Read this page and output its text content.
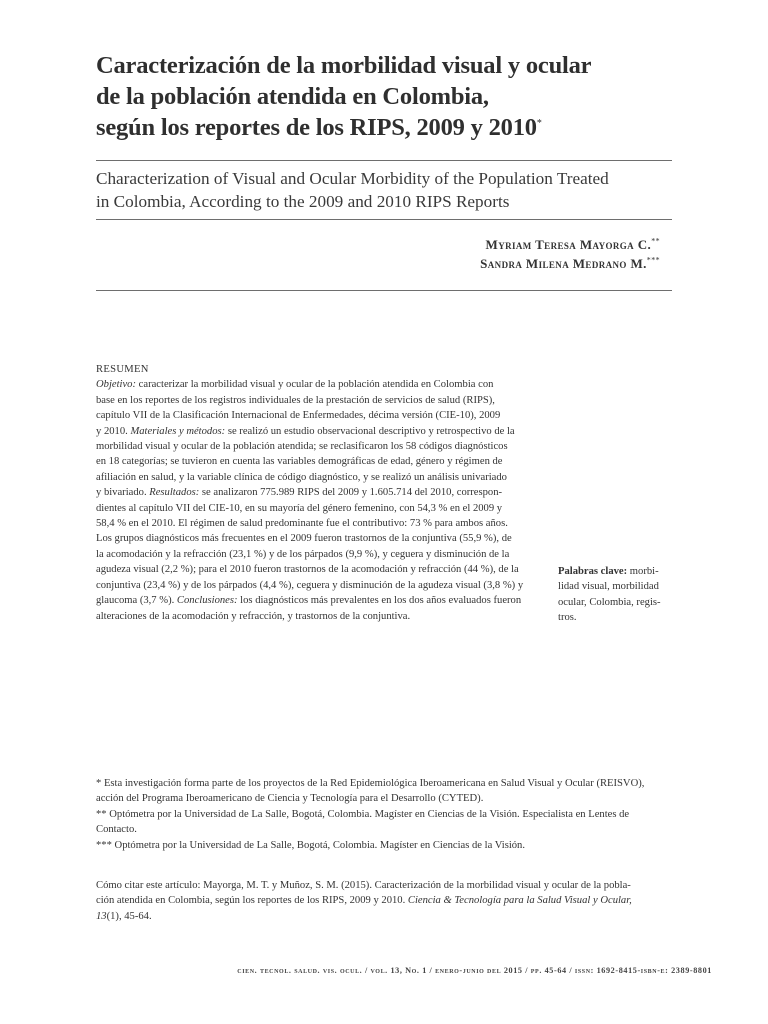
Caracterización de la morbilidad visual y ocular
de la población atendida en Colombia,
según los reportes de los RIPS, 2009 y 2010*
Characterization of Visual and Ocular Morbidity of the Population Treated
in Colombia, According to the 2009 and 2010 RIPS Reports
Myriam Teresa Mayorga C.**
Sandra Milena Medrano M.***
RESUMEN
Objetivo: caracterizar la morbilidad visual y ocular de la población atendida en Colombia con
base en los reportes de los registros individuales de la prestación de servicios de salud (RIPS),
capítulo VII de la Clasificación Internacional de Enfermedades, décima versión (CIE-10), 2009
y 2010. Materiales y métodos: se realizó un estudio observacional descriptivo y retrospectivo de la
morbilidad visual y ocular de la población atendida; se reclasificaron los 58 códigos diagnósticos
en 18 categorías; se tuvieron en cuenta las variables demográficas de edad, género y régimen de
afiliación en salud, y la variable clínica de código diagnóstico, y se realizó un análisis univariado
y bivariado. Resultados: se analizaron 775.989 RIPS del 2009 y 1.605.714 del 2010, correspon-
dientes al capítulo VII del CIE-10, en su mayoría del género femenino, con 54,3 % en el 2009 y
58,4 % en el 2010. El régimen de salud predominante fue el contributivo: 73 % para ambos años.
Los grupos diagnósticos más frecuentes en el 2009 fueron trastornos de la conjuntiva (55,9 %), de
la acomodación y la refracción (23,1 %) y de los párpados (9,9 %), y ceguera y disminución de la
agudeza visual (2,2 %); para el 2010 fueron trastornos de la acomodación y refracción (44 %), de la
conjuntiva (23,4 %) y de los párpados (4,4 %), ceguera y disminución de la agudeza visual (3,8 %) y
glaucoma (3,7 %). Conclusiones: los diagnósticos más prevalentes en los dos años evaluados fueron
alteraciones de la acomodación y refracción, y trastornos de la conjuntiva.
Palabras clave: morbi-
lidad visual, morbilidad
ocular, Colombia, regis-
tros.
* Esta investigación forma parte de los proyectos de la Red Epidemiológica Iberoamericana en Salud Visual y Ocular (REISVO),
acción del Programa Iberoamericano de Ciencia y Tecnología para el Desarrollo (CYTED).
** Optómetra por la Universidad de La Salle, Bogotá, Colombia. Magíster en Ciencias de la Visión. Especialista en Lentes de
Contacto.
*** Optómetra por la Universidad de La Salle, Bogotá, Colombia. Magíster en Ciencias de la Visión.
Cómo citar este artículo: Mayorga, M. T. y Muñoz, S. M. (2015). Caracterización de la morbilidad visual y ocular de la pobla-
ción atendida en Colombia, según los reportes de los RIPS, 2009 y 2010. Ciencia & Tecnología para la Salud Visual y Ocular,
13(1), 45-64.
cien. tecnol. salud. vis. ocul. / vol. 13, No. 1 / enero-junio del 2015 / pp. 45-64 / issn: 1692-8415-isbn-e: 2389-8801
